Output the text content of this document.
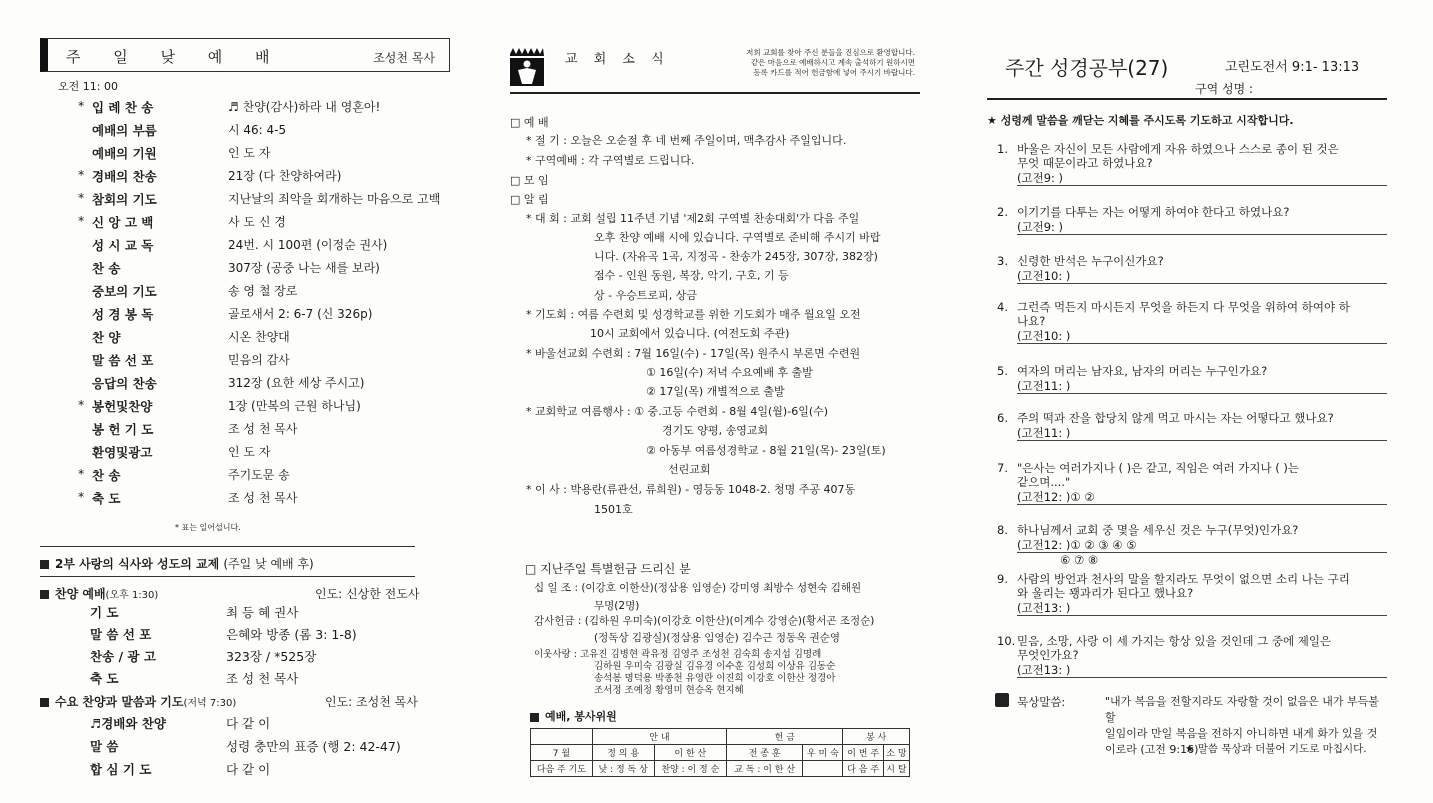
주 일 낮 예 배	조성천 목사
오전 11: 00
* 입 례 찬 송	♬ 찬양(감사)하라 내 영혼아!
예배의 부름	시 46: 4-5
예배의 기원	인 도 자
* 경배의 찬송	21장 (다 찬양하여라)
* 참회의 기도	지난날의 죄악을 회개하는 마음으로 고백
* 신 앙 고 백	사 도 신 경
성 시 교 독	24번. 시 100편 (이정순 권사)
찬 송	307장 (공중 나는 새를 보라)
중보의 기도	송 영 철 장로
성 경 봉 독	골로새서 2: 6-7 (신 326p)
찬 양	시온 찬양대
말 씀 선 포	믿음의 감사
응답의 찬송	312장 (요한 세상 주시고)
* 봉헌및찬양	1장 (만복의 근원 하나님)
봉 헌 기 도	조 성 천 목사
환영및광고	인 도 자
* 찬 송	주기도문 송
* 축 도	조 성 천 목사
* 표는 일어섭니다.
2부 사랑의 식사와 성도의 교제 (주일 낮 예배 후)
찬양 예배(오후 1:30)	인도: 신상한 전도사
기 도	최 등 혜 권사
말 씀 선 포	은혜와 방종 (롬 3: 1-8)
찬송 / 광 고	323장 / *525장
축 도	조 성 천 목사
수요 찬양과 말씀과 기도(저녁 7:30)	인도: 조성천 목사
♬경배와 찬양	다 같 이
말 씀	성령 충만의 표증 (행 2: 42-47)
합 심 기 도	다 같 이
교 회 소 식	저희 교회를 찾아 주신 분들을 진심으로 환영합니다.
같은 마음으로 예배하시고 계속 출석하기 원하시면
등록 카드를 적어 헌금함에 넣어 주시기 바랍니다.
□ 예 배
* 절 기 : 오늘은 오순절 후 네 번째 주일이며, 맥추감사 주일입니다.
* 구역예배 : 각 구역별로 드립니다.
□ 모 임
□ 알 림
* 대 회 : 교회 설립 11주년 기념 '제2회 구역별 찬송대회'가 다음 주일
오후 찬양 예배 시에 있습니다. 구역별로 준비해 주시기 바랍
니다. (자유곡 1곡, 지정곡 - 찬송가 245장, 307장, 382장)
점수 - 인원 동원, 복장, 악기, 구호, 기 등
상 - 우승트로피, 상금
* 기도회 : 여름 수련회 및 성경학교를 위한 기도회가 매주 월요일 오전
10시 교회에서 있습니다. (여전도회 주관)
* 바울선교회 수련회 : 7월 16일(수) - 17일(목) 원주시 부론면 수련원
① 16일(수) 저녁 수요예배 후 출발
② 17일(목) 개별적으로 출발
* 교회학교 여름행사 : ① 중.고등 수련회 - 8월 4일(월)-6일(수)
경기도 양평, 송영교회
② 아동부 여름성경학교 - 8월 21일(목)- 23일(토)
선린교회
* 이 사 : 박용란(류관선, 류희원) - 영등동 1048-2. 청명 주공 407동
1501호
□ 지난주일 특별헌금 드리신 분
십 일 조 : (이강호 이한산)(정삼용 임영순) 강미영 최방수 성현숙 김해원
무명(2명)
감사헌금 : (김하원 우미숙)(이강호 이한산)(이계수 강영순)(황서곤 조정순)
(정독상 김광실)(정삼용 임영순) 김수근 정동옥 권순영
이웃사랑 : 고유진 김병현 곽유정 김영주 조성천 김숙희 송지섭 김명례
김하원 우미숙 김광실 김유경 이수훈 김성희 이상유 김동순
송석봉 명덕용 박종천 유영란 이진희 이강호 이한산 정경아
조서정 조예정 황영미 현승옥 현지혜
예배, 봉사위원
	안 내		헌 금		봉 사	
7 월	정 의 용	이 한 산	전 종 훈	우 미 숙	이 번 주	소 망
다음 주 기도	낮 : 정 독 상	찬양 : 이 정 순	교 독 : 이 한 산		다 음 주	시 탈
주간 성경공부(27)	고린도전서 9:1- 13:13
구역 성명 :
★ 성령께 말씀을 깨닫는 지혜를 주시도록 기도하고 시작합니다.
1. 바울은 자신이 모든 사람에게 자유 하였으나 스스로 종이 된 것은
무엇 때문이라고 하였나요?
(고전9: )
2. 이기기를 다투는 자는 어떻게 하여야 한다고 하였나요?
(고전9: )
3. 신령한 반석은 누구이신가요?
(고전10: )
4. 그런즉 먹든지 마시든지 무엇을 하든지 다 무엇을 위하여 하여야 하
나요?
(고전10: )
5. 여자의 머리는 남자요, 남자의 머리는 누구인가요?
(고전11: )
6. 주의 떡과 잔을 합당치 않게 먹고 마시는 자는 어떻다고 했나요?
(고전11: )
7. "은사는 여러가지나 ( )은 같고, 직임은 여러 가지나 ( )는
같으며...."
(고전12: )① ②
8. 하나님께서 교회 중 몇을 세우신 것은 누구(무엇)인가요?
(고전12: )① ② ③ ④ ⑤
⑥ ⑦ ⑧
9. 사람의 방언과 천사의 말을 할지라도 무엇이 없으면 소리 나는 구리
와 울리는 꽹과리가 된다고 했나요?
(고전13: )
10. 믿음, 소망, 사랑 이 세 가지는 항상 있을 것인데 그 중에 제일은
무엇인가요?
(고전13: )
묵상말씀:	"내가 복음을 전할지라도 자랑할 것이 없음은 내가 부득불 할
일임이라 만일 복음을 전하지 아니하면 내게 화가 있을 것
이로라 (고전 9:16)
★ 말씀 묵상과 더불어 기도로 마칩시다.
